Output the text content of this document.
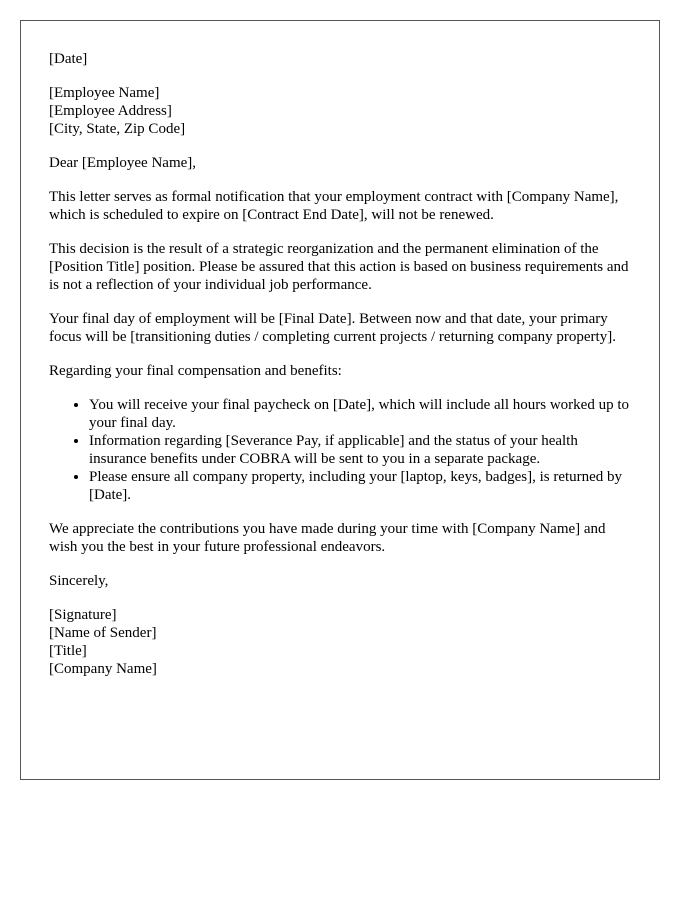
[Date]

[Employee Name]
[Employee Address]
[City, State, Zip Code]

Dear [Employee Name],

This letter serves as formal notification that your employment contract with [Company Name], which is scheduled to expire on [Contract End Date], will not be renewed.

This decision is the result of a strategic reorganization and the permanent elimination of the [Position Title] position. Please be assured that this action is based on business requirements and is not a reflection of your individual job performance.

Your final day of employment will be [Final Date]. Between now and that date, your primary focus will be [transitioning duties / completing current projects / returning company property].

Regarding your final compensation and benefits:

• You will receive your final paycheck on [Date], which will include all hours worked up to your final day.
• Information regarding [Severance Pay, if applicable] and the status of your health insurance benefits under COBRA will be sent to you in a separate package.
• Please ensure all company property, including your [laptop, keys, badges], is returned by [Date].

We appreciate the contributions you have made during your time with [Company Name] and wish you the best in your future professional endeavors.

Sincerely,

[Signature]
[Name of Sender]
[Title]
[Company Name]
